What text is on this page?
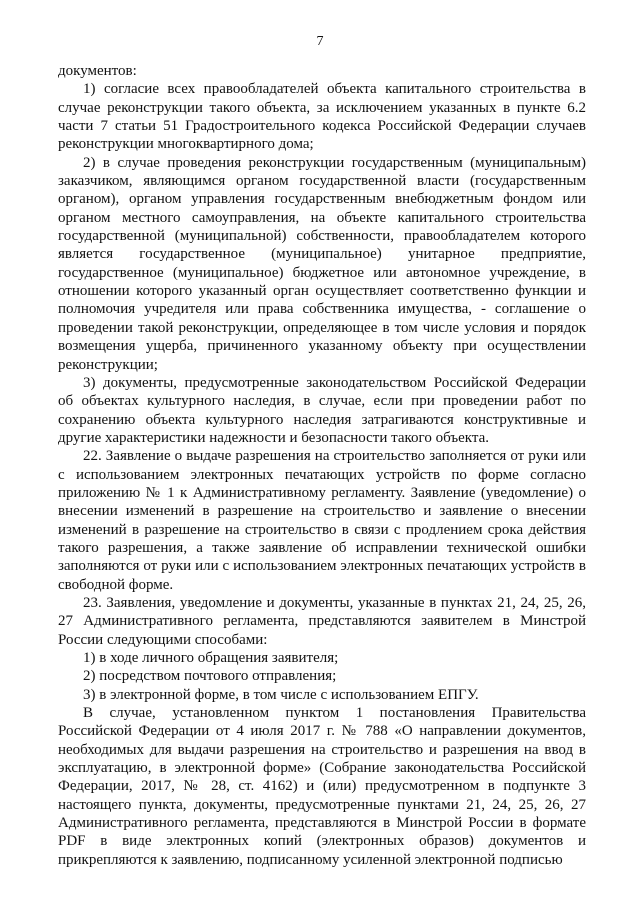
7

документов:

1) согласие всех правообладателей объекта капитального строительства в случае реконструкции такого объекта, за исключением указанных в пункте 6.2 части 7 статьи 51 Градостроительного кодекса Российской Федерации случаев реконструкции многоквартирного дома;

2) в случае проведения реконструкции государственным (муниципальным) заказчиком, являющимся органом государственной власти (государственным органом), органом управления государственным внебюджетным фондом или органом местного самоуправления, на объекте капитального строительства государственной (муниципальной) собственности, правообладателем которого является государственное (муниципальное) унитарное предприятие, государственное (муниципальное) бюджетное или автономное учреждение, в отношении которого указанный орган осуществляет соответственно функции и полномочия учредителя или права собственника имущества, - соглашение о проведении такой реконструкции, определяющее в том числе условия и порядок возмещения ущерба, причиненного указанному объекту при осуществлении реконструкции;

3) документы, предусмотренные законодательством Российской Федерации об объектах культурного наследия, в случае, если при проведении работ по сохранению объекта культурного наследия затрагиваются конструктивные и другие характеристики надежности и безопасности такого объекта.

22. Заявление о выдаче разрешения на строительство заполняется от руки или с использованием электронных печатающих устройств по форме согласно приложению № 1 к Административному регламенту. Заявление (уведомление) о внесении изменений в разрешение на строительство и заявление о внесении изменений в разрешение на строительство в связи с продлением срока действия такого разрешения, а также заявление об исправлении технической ошибки заполняются от руки или с использованием электронных печатающих устройств в свободной форме.

23. Заявления, уведомление и документы, указанные в пунктах 21, 24, 25, 26, 27 Административного регламента, представляются заявителем в Минстрой России следующими способами:

1) в ходе личного обращения заявителя;

2) посредством почтового отправления;

3) в электронной форме, в том числе с использованием ЕПГУ.

В случае, установленном пунктом 1 постановления Правительства Российской Федерации от 4 июля 2017 г. № 788 «О направлении документов, необходимых для выдачи разрешения на строительство и разрешения на ввод в эксплуатацию, в электронной форме» (Собрание законодательства Российской Федерации, 2017, № 28, ст. 4162) и (или) предусмотренном в подпункте 3 настоящего пункта, документы, предусмотренные пунктами 21, 24, 25, 26, 27 Административного регламента, представляются в Минстрой России в формате PDF в виде электронных копий (электронных образов) документов и прикрепляются к заявлению, подписанному усиленной электронной подписью
